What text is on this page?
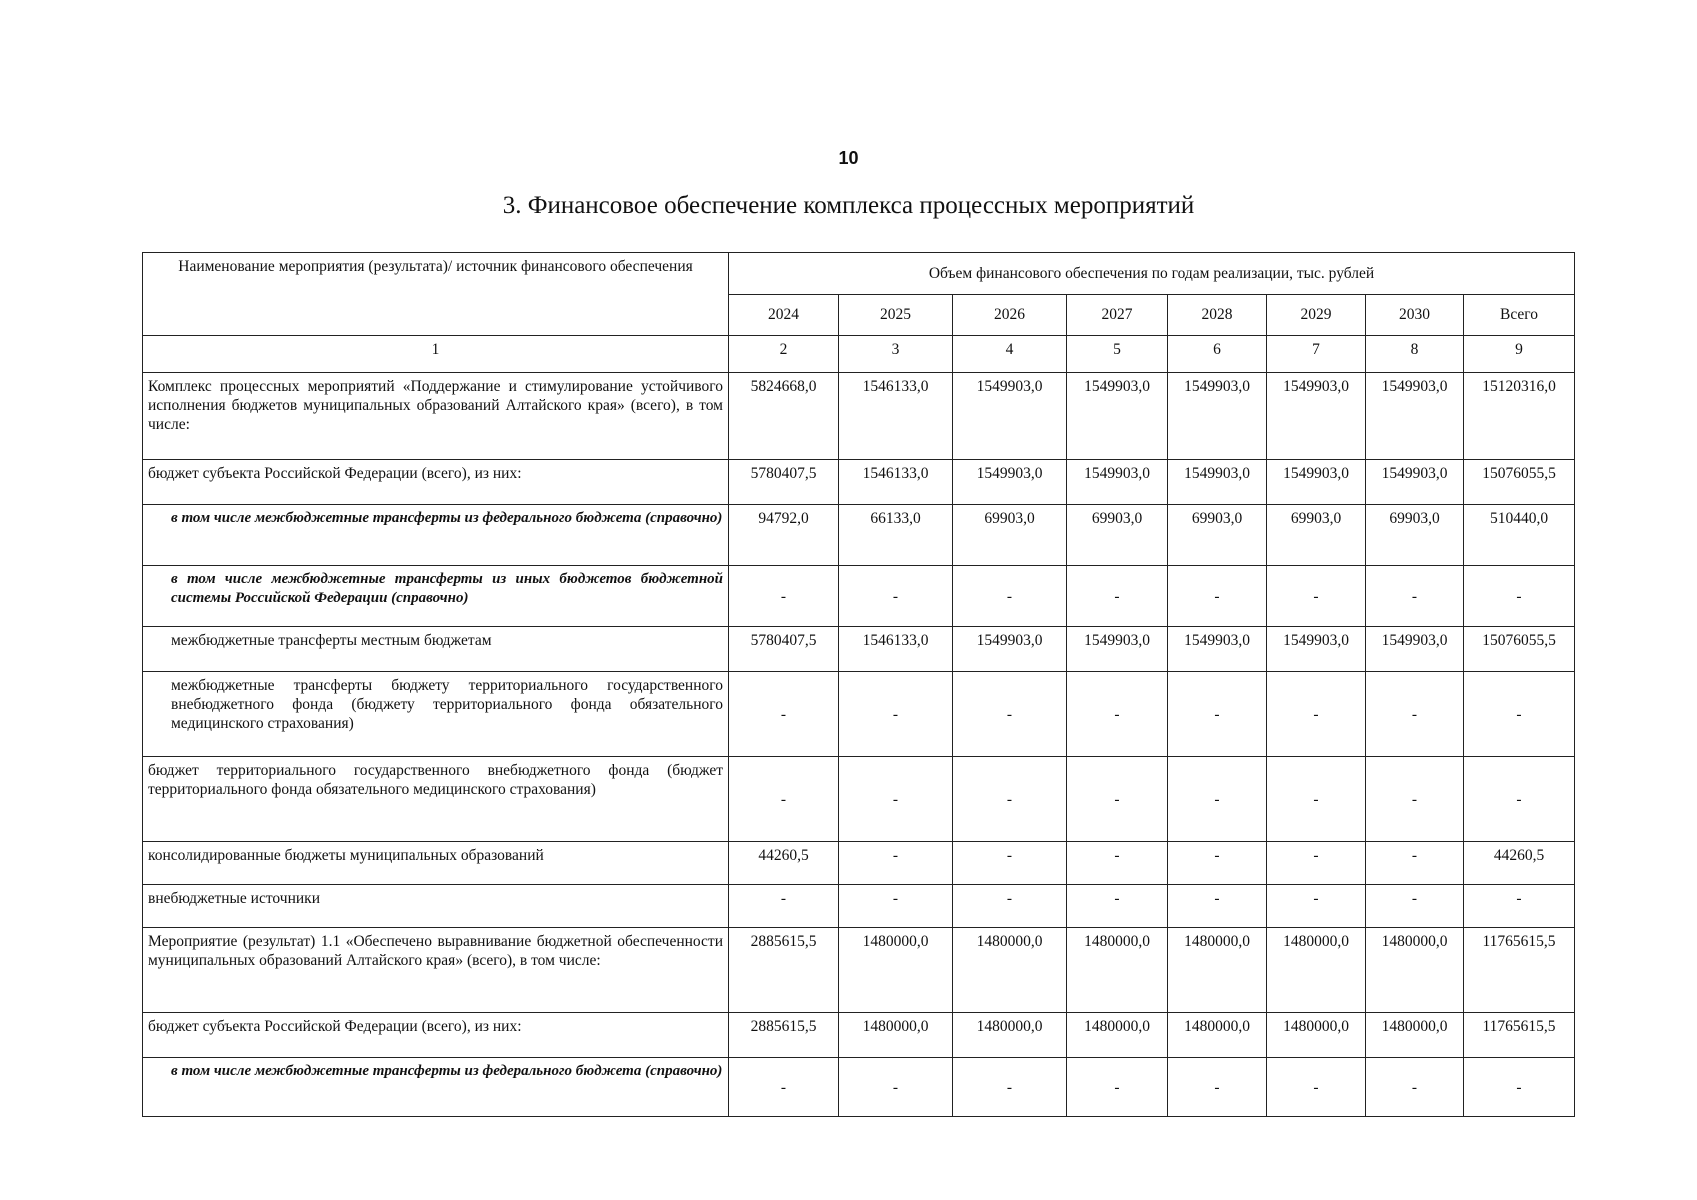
10
3. Финансовое обеспечение комплекса процессных мероприятий
Наименование мероприятия (результата)/ источник финансового обеспечения	Объем финансового обеспечения по годам реализации, тыс. рублей							
	2024	2025	2026	2027	2028	2029	2030	Всего
1	2	3	4	5	6	7	8	9
Комплекс процессных мероприятий «Поддержание и стимулирование устойчивого исполнения бюджетов муниципальных образований Алтайского края» (всего), в том числе:	5824668,0	1546133,0	1549903,0	1549903,0	1549903,0	1549903,0	1549903,0	15120316,0
бюджет субъекта Российской Федерации (всего), из них:	5780407,5	1546133,0	1549903,0	1549903,0	1549903,0	1549903,0	1549903,0	15076055,5
в том числе межбюджетные трансферты из федерального бюджета (справочно)	94792,0	66133,0	69903,0	69903,0	69903,0	69903,0	69903,0	510440,0
в том числе межбюджетные трансферты из иных бюджетов бюджетной системы Российской Федерации (справочно)	-	-	-	-	-	-	-	-
межбюджетные трансферты местным бюджетам	5780407,5	1546133,0	1549903,0	1549903,0	1549903,0	1549903,0	1549903,0	15076055,5
межбюджетные трансферты бюджету территориального государственного внебюджетного фонда (бюджету территориального фонда обязательного медицинского страхования)	-	-	-	-	-	-	-	-
бюджет территориального государственного внебюджетного фонда (бюджет территориального фонда обязательного медицинского страхования)	-	-	-	-	-	-	-	-
консолидированные бюджеты муниципальных образований	44260,5	-	-	-	-	-	-	44260,5
внебюджетные источники	-	-	-	-	-	-	-	-
Мероприятие (результат) 1.1 «Обеспечено выравнивание бюджетной обеспеченности муниципальных образований Алтайского края» (всего), в том числе:	2885615,5	1480000,0	1480000,0	1480000,0	1480000,0	1480000,0	1480000,0	11765615,5
бюджет субъекта Российской Федерации (всего), из них:	2885615,5	1480000,0	1480000,0	1480000,0	1480000,0	1480000,0	1480000,0	11765615,5
в том числе межбюджетные трансферты из федерального бюджета (справочно)	-	-	-	-	-	-	-	-
